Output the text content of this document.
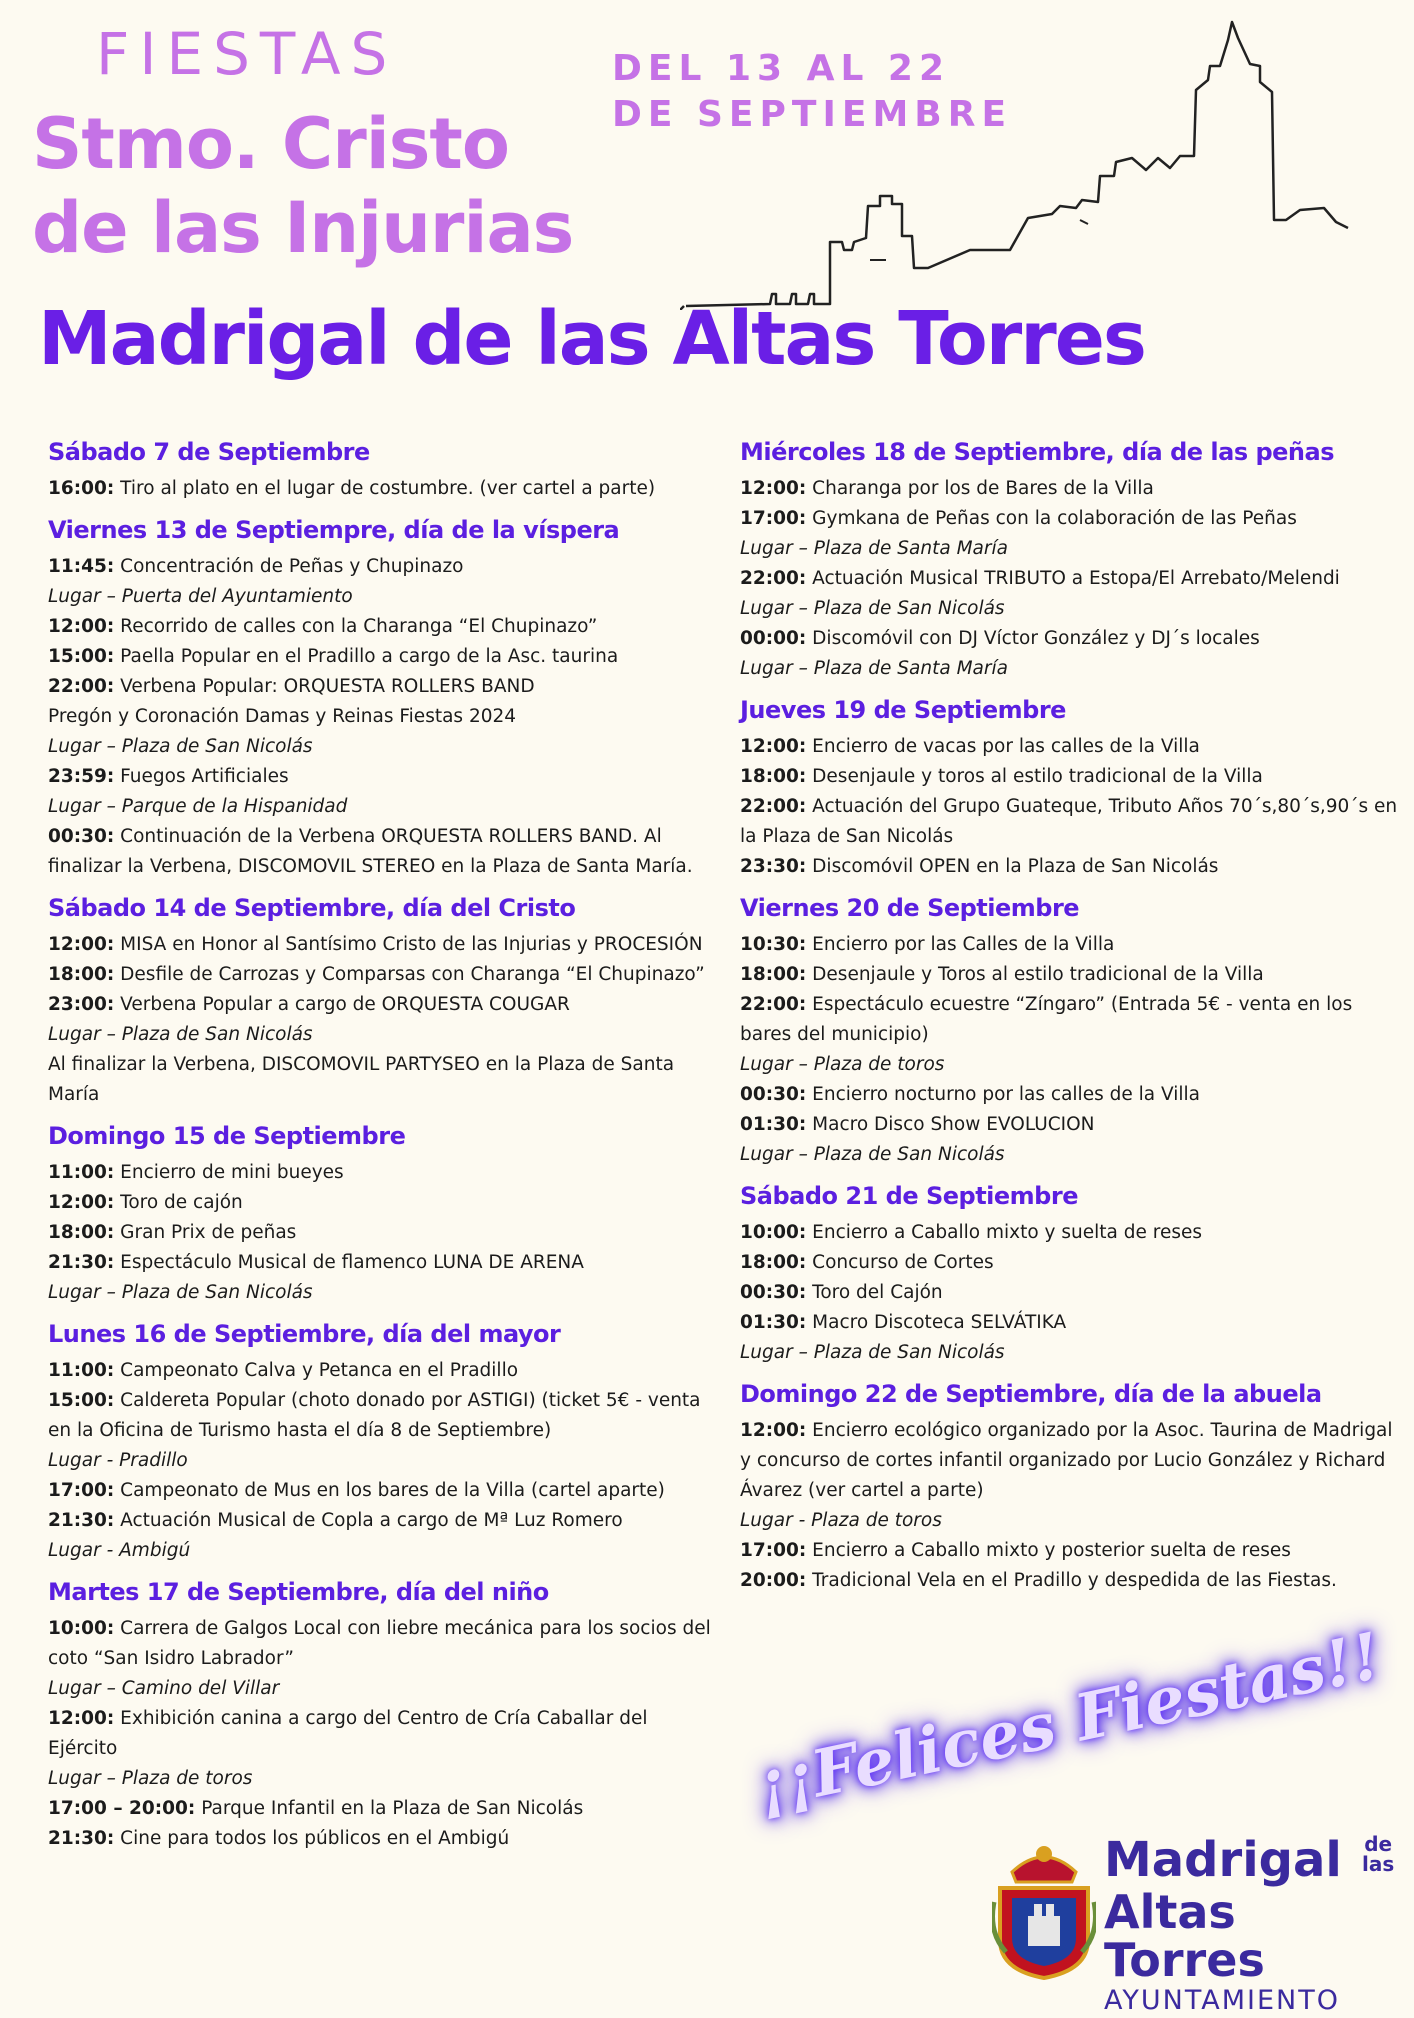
FIESTAS
Stmo. Cristo
de las Injurias
DEL 13 AL 22
DE SEPTIEMBRE
Madrigal de las Altas Torres
Sábado 7 de Septiembre
16:00: Tiro al plato en el lugar de costumbre. (ver cartel a parte)
Viernes 13 de Septiempre, día de la víspera
11:45: Concentración de Peñas y Chupinazo
Lugar – Puerta del Ayuntamiento
12:00: Recorrido de calles con la Charanga “El Chupinazo”
15:00: Paella Popular en el Pradillo a cargo de la Asc. taurina
22:00: Verbena Popular: ORQUESTA ROLLERS BAND
Pregón y Coronación Damas y Reinas Fiestas 2024
Lugar – Plaza de San Nicolás
23:59: Fuegos Artificiales
Lugar – Parque de la Hispanidad
00:30: Continuación de la Verbena ORQUESTA ROLLERS BAND. Al finalizar la Verbena, DISCOMOVIL STEREO en la Plaza de Santa María.
Sábado 14 de Septiembre, día del Cristo
12:00: MISA en Honor al Santísimo Cristo de las Injurias y PROCESIÓN
18:00: Desfile de Carrozas y Comparsas con Charanga “El Chupinazo”
23:00: Verbena Popular a cargo de ORQUESTA COUGAR
Lugar – Plaza de San Nicolás
Al finalizar la Verbena, DISCOMOVIL PARTYSEO en la Plaza de Santa María
Domingo 15 de Septiembre
11:00: Encierro de mini bueyes
12:00: Toro de cajón
18:00: Gran Prix de peñas
21:30: Espectáculo Musical de flamenco LUNA DE ARENA
Lugar – Plaza de San Nicolás
Lunes 16 de Septiembre, día del mayor
11:00: Campeonato Calva y Petanca en el Pradillo
15:00: Caldereta Popular (choto donado por ASTIGI) (ticket 5€ - venta en la Oficina de Turismo hasta el día 8 de Septiembre)
Lugar - Pradillo
17:00: Campeonato de Mus en los bares de la Villa (cartel aparte)
21:30: Actuación Musical de Copla a cargo de Mª Luz Romero
Lugar - Ambigú
Martes 17 de Septiembre, día del niño
10:00: Carrera de Galgos Local con liebre mecánica para los socios del coto “San Isidro Labrador”
Lugar – Camino del Villar
12:00: Exhibición canina a cargo del Centro de Cría Caballar del Ejército
Lugar – Plaza de toros
17:00 – 20:00: Parque Infantil en la Plaza de San Nicolás
21:30: Cine para todos los públicos en el Ambigú
Miércoles 18 de Septiembre, día de las peñas
12:00: Charanga por los de Bares de la Villa
17:00: Gymkana de Peñas con la colaboración de las Peñas
Lugar – Plaza de Santa María
22:00: Actuación Musical TRIBUTO a Estopa/El Arrebato/Melendi
Lugar – Plaza de San Nicolás
00:00: Discomóvil con DJ Víctor González y DJ´s locales
Lugar – Plaza de Santa María
Jueves 19 de Septiembre
12:00: Encierro de vacas por las calles de la Villa
18:00: Desenjaule y toros al estilo tradicional de la Villa
22:00: Actuación del Grupo Guateque, Tributo Años 70´s,80´s,90´s en la Plaza de San Nicolás
23:30: Discomóvil OPEN en la Plaza de San Nicolás
Viernes 20 de Septiembre
10:30: Encierro por las Calles de la Villa
18:00: Desenjaule y Toros al estilo tradicional de la Villa
22:00: Espectáculo ecuestre “Zíngaro” (Entrada 5€ - venta en los bares del municipio)
Lugar – Plaza de toros
00:30: Encierro nocturno por las calles de la Villa
01:30: Macro Disco Show EVOLUCION
Lugar – Plaza de San Nicolás
Sábado 21 de Septiembre
10:00: Encierro a Caballo mixto y suelta de reses
18:00: Concurso de Cortes
00:30: Toro del Cajón
01:30: Macro Discoteca SELVÁTIKA
Lugar – Plaza de San Nicolás
Domingo 22 de Septiembre, día de la abuela
12:00: Encierro ecológico organizado por la Asoc. Taurina de Madrigal y concurso de cortes infantil organizado por Lucio González y Richard Ávarez (ver cartel a parte)
Lugar - Plaza de toros
17:00: Encierro a Caballo mixto y posterior suelta de reses
20:00: Tradicional Vela en el Pradillo y despedida de las Fiestas.
¡¡Felices Fiestas!!
Madrigal	de
las
Altas Torres
AYUNTAMIENTO
